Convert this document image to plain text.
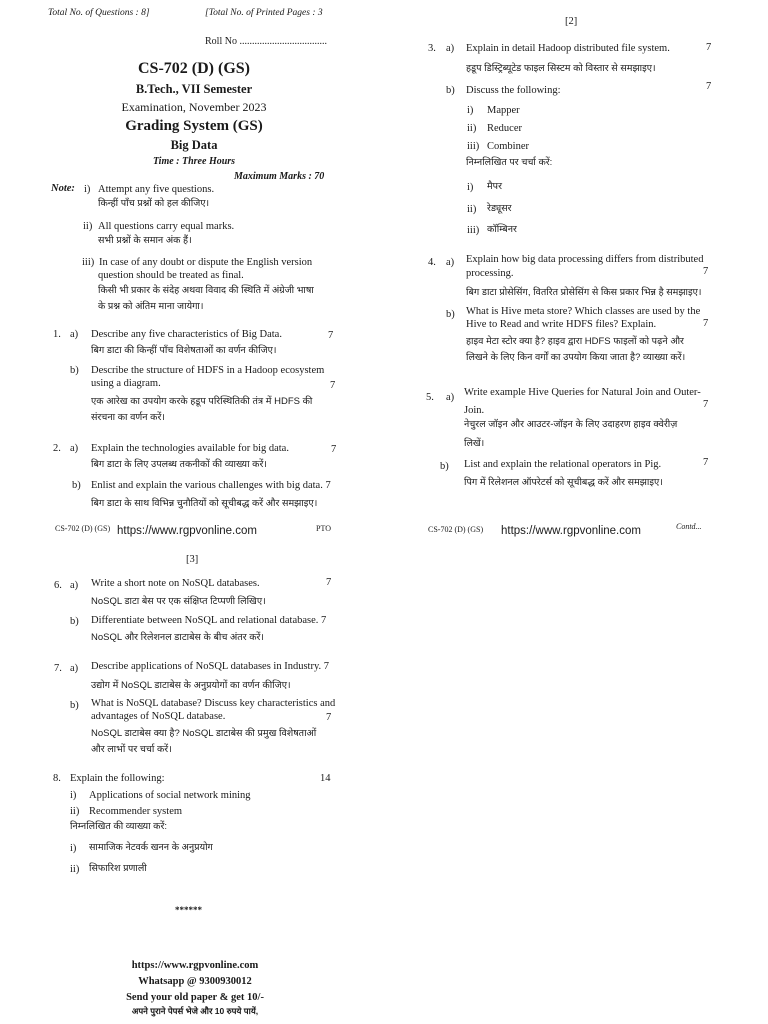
Total No. of Questions : 8]	[Total No. of Printed Pages : 3
Roll No ...................................
CS-702 (D) (GS)
B.Tech., VII Semester
Examination, November 2023
Grading System (GS)
Big Data
Time : Three Hours
Maximum Marks : 70
Note: i) Attempt any five questions.
किन्हीं पाँच प्रश्नों को हल कीजिए।
ii) All questions carry equal marks.
सभी प्रश्नों के समान अंक हैं।
iii) In case of any doubt or dispute the English version
question should be treated as final.
किसी भी प्रकार के संदेह अथवा विवाद की स्थिति में अंग्रेजी भाषा
के प्रश्न को अंतिम माना जायेगा।
1. a) Describe any five characteristics of Big Data.	7
बिग डाटा की किन्हीं पाँच विशेषताओं का वर्णन कीजिए।
b) Describe the structure of HDFS in a Hadoop ecosystem
using a diagram.	7
एक आरेख का उपयोग करके हडूप परिस्थितिकी तंत्र में HDFS की
संरचना का वर्णन करें।
2. a) Explain the technologies available for big data.	7
बिग डाटा के लिए उपलब्ध तकनीकों की व्याख्या करें।
b) Enlist and explain the various challenges with big data. 7
बिग डाटा के साथ विभिन्न चुनौतियों को सूचीबद्ध करें और समझाइए।
CS-702 (D) (GS) https://www.rgpvonline.com	PTO
[2]
3. a) Explain in detail Hadoop distributed file system.	7
हडूप डिस्ट्रिब्यूटेड फाइल सिस्टम को विस्तार से समझाइए।
b) Discuss the following:	7
i) Mapper
ii) Reducer
iii) Combiner
निम्नलिखित पर चर्चा करें:
i) मैपर
ii) रेड्यूसर
iii) कॉम्बिनर
4. a) Explain how big data processing differs from distributed
processing.	7
बिग डाटा प्रोसेसिंग, वितरित प्रोसेसिंग से किस प्रकार भिन्न है समझाइए।
b) What is Hive meta store? Which classes are used by the
Hive to Read and write HDFS files? Explain.	7
हाइव मेटा स्टोर क्या है? हाइव द्वारा HDFS फाइलों को पढ़ने और
लिखने के लिए किन वर्गों का उपयोग किया जाता है? व्याख्या करें।
5. a) Write example Hive Queries for Natural Join and Outer-
Join.
7
नेचुरल जॉइन और आउटर-जॉइन के लिए उदाहरण हाइव क्वेरीज़
लिखें।
b) List and explain the relational operators in Pig.	7
पिग में रिलेशनल ऑपरेटर्स को सूचीबद्ध करें और समझाइए।
CS-702 (D) (GS) https://www.rgpvonline.com	Contd...
[3]
6. a) Write a short note on NoSQL databases.	7
NoSQL डाटा बेस पर एक संक्षिप्त टिप्पणी लिखिए।
b) Differentiate between NoSQL and relational database. 7
NoSQL और रिलेशनल डाटाबेस के बीच अंतर करें।
7. a) Describe applications of NoSQL databases in Industry. 7
उद्योग में NoSQL डाटाबेस के अनुप्रयोगों का वर्णन कीजिए।
b) What is NoSQL database? Discuss key characteristics and
advantages of NoSQL database.	7
NoSQL डाटाबेस क्या है? NoSQL डाटाबेस की प्रमुख विशेषताओं
और लाभों पर चर्चा करें।
8. Explain the following:	14
i) Applications of social network mining
ii) Recommender system
निम्नलिखित की व्याख्या करें:
i) सामाजिक नेटवर्क खनन के अनुप्रयोग
ii) सिफारिश प्रणाली
******
https://www.rgpvonline.com
Whatsapp @ 9300930012
Send your old paper & get 10/-
अपने पुराने पेपर्स भेजे और 10 रुपये पायें,
